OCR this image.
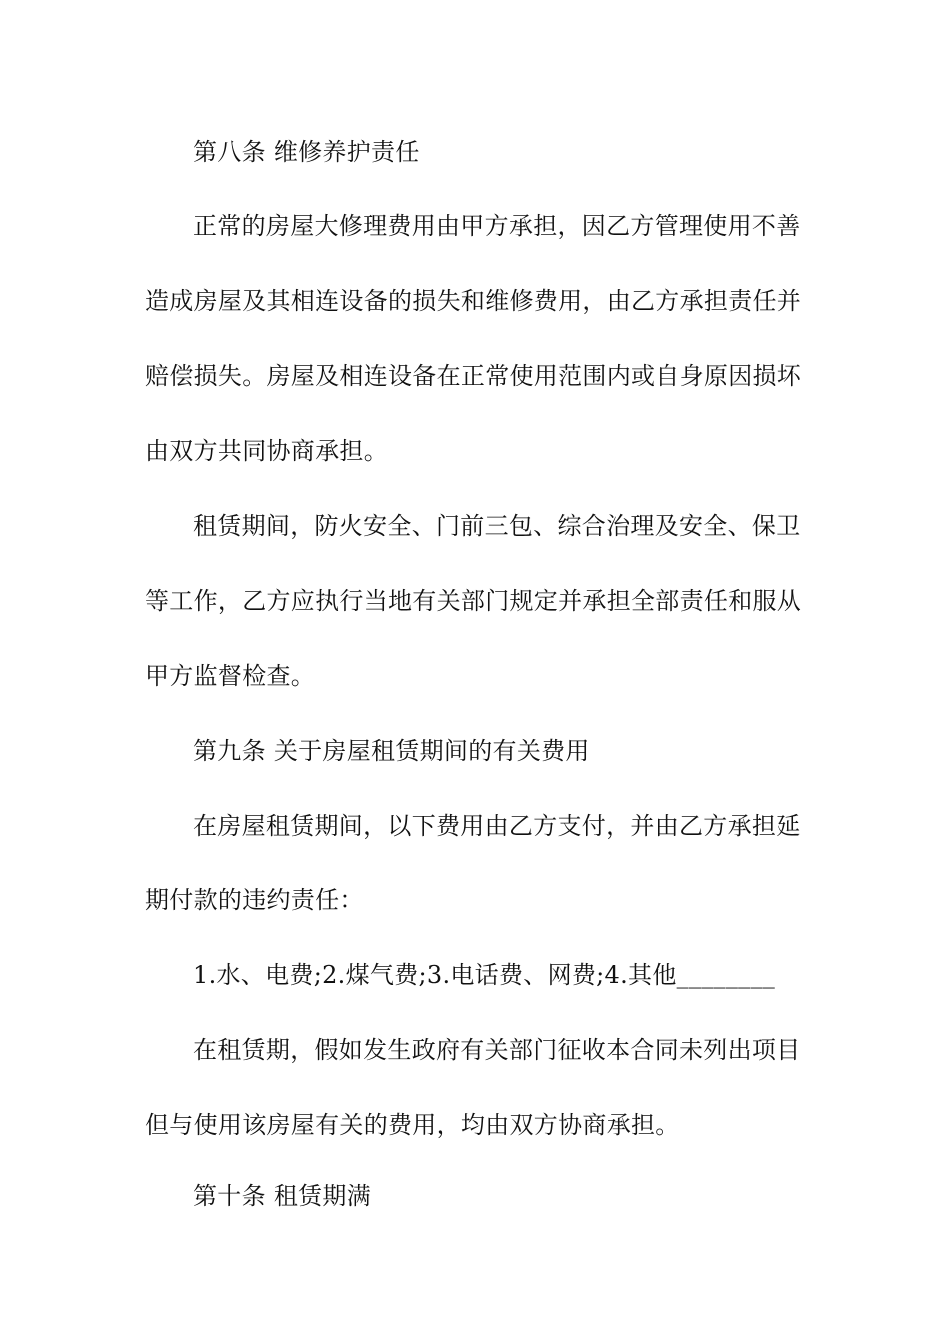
第八条 维修养护责任
正常的房屋大修理费用由甲方承担，因乙方管理使用不善
造成房屋及其相连设备的损失和维修费用，由乙方承担责任并
赔偿损失。房屋及相连设备在正常使用范围内或自身原因损坏
由双方共同协商承担。
租赁期间，防火安全、门前三包、综合治理及安全、保卫
等工作，乙方应执行当地有关部门规定并承担全部责任和服从
甲方监督检查。
第九条 关于房屋租赁期间的有关费用
在房屋租赁期间，以下费用由乙方支付，并由乙方承担延
期付款的违约责任：
1.水、电费;2.煤气费;3.电话费、网费;4.其他________
在租赁期，假如发生政府有关部门征收本合同未列出项目
但与使用该房屋有关的费用，均由双方协商承担。
第十条 租赁期满
